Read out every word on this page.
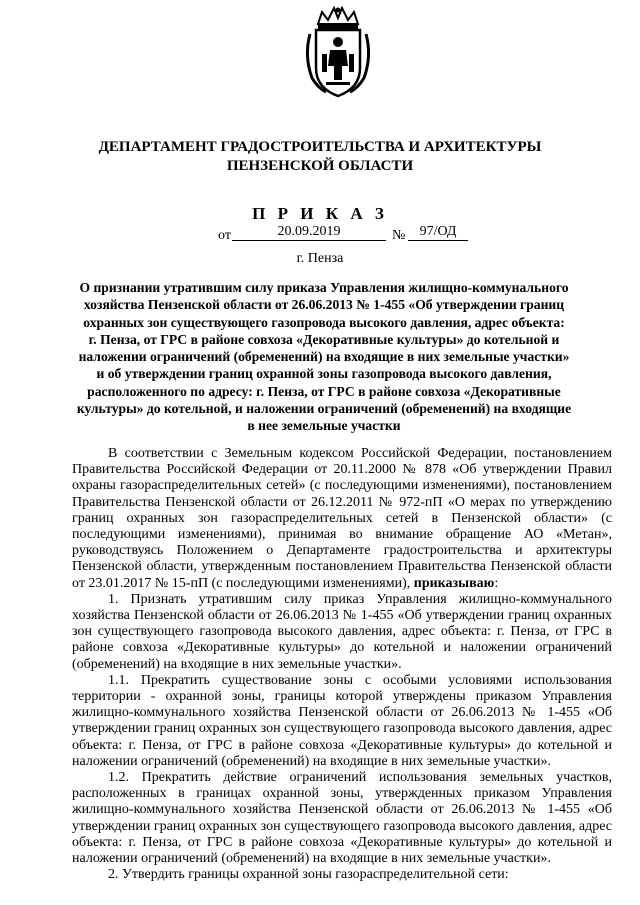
ДЕПАРТАМЕНТ ГРАДОСТРОИТЕЛЬСТВА И АРХИТЕКТУРЫ
ПЕНЗЕНСКОЙ ОБЛАСТИ
П Р И К А З
от	20.09.2019	№	97/ОД
г. Пенза
О признании утратившим силу приказа Управления жилищно-коммунального
хозяйства Пензенской области от 26.06.2013 № 1-455 «Об утверждении границ
охранных зон существующего газопровода высокого давления, адрес объекта:
г. Пенза, от ГРС в районе совхоза «Декоративные культуры» до котельной и
наложении ограничений (обременений) на входящие в них земельные участки»
и об утверждении границ охранной зоны газопровода высокого давления,
расположенного по адресу: г. Пенза, от ГРС в районе совхоза «Декоративные
культуры» до котельной, и наложении ограничений (обременений) на входящие
в нее земельные участки

В соответствии с Земельным кодексом Российской Федерации, постановлением Правительства Российской Федерации от 20.11.2000 № 878 «Об утверждении Правил охраны газораспределительных сетей» (с последующими изменениями), постановлением Правительства Пензенской области от 26.12.2011 № 972-пП «О мерах по утверждению границ охранных зон газораспределительных сетей в Пензенской области» (с последующими изменениями), принимая во внимание обращение АО «Метан», руководствуясь Положением о Департаменте градостроительства и архитектуры Пензенской области, утвержденным постановлением Правительства Пензенской области от 23.01.2017 № 15-пП (с последующими изменениями), приказываю:

1. Признать утратившим силу приказ Управления жилищно-коммунального хозяйства Пензенской области от 26.06.2013 № 1-455 «Об утверждении границ охранных зон существующего газопровода высокого давления, адрес объекта: г. Пенза, от ГРС в районе совхоза «Декоративные культуры» до котельной и наложении ограничений (обременений) на входящие в них земельные участки».

1.1. Прекратить существование зоны с особыми условиями использования территории - охранной зоны, границы которой утверждены приказом Управления жилищно-коммунального хозяйства Пензенской области от 26.06.2013 № 1-455 «Об утверждении границ охранных зон существующего газопровода высокого давления, адрес объекта: г. Пенза, от ГРС в районе совхоза «Декоративные культуры» до котельной и наложении ограничений (обременений) на входящие в них земельные участки».

1.2. Прекратить действие ограничений использования земельных участков, расположенных в границах охранной зоны, утвержденных приказом Управления жилищно-коммунального хозяйства Пензенской области от 26.06.2013 № 1-455 «Об утверждении границ охранных зон существующего газопровода высокого давления, адрес объекта: г. Пенза, от ГРС в районе совхоза «Декоративные культуры» до котельной и наложении ограничений (обременений) на входящие в них земельные участки».

2. Утвердить границы охранной зоны газораспределительной сети:
